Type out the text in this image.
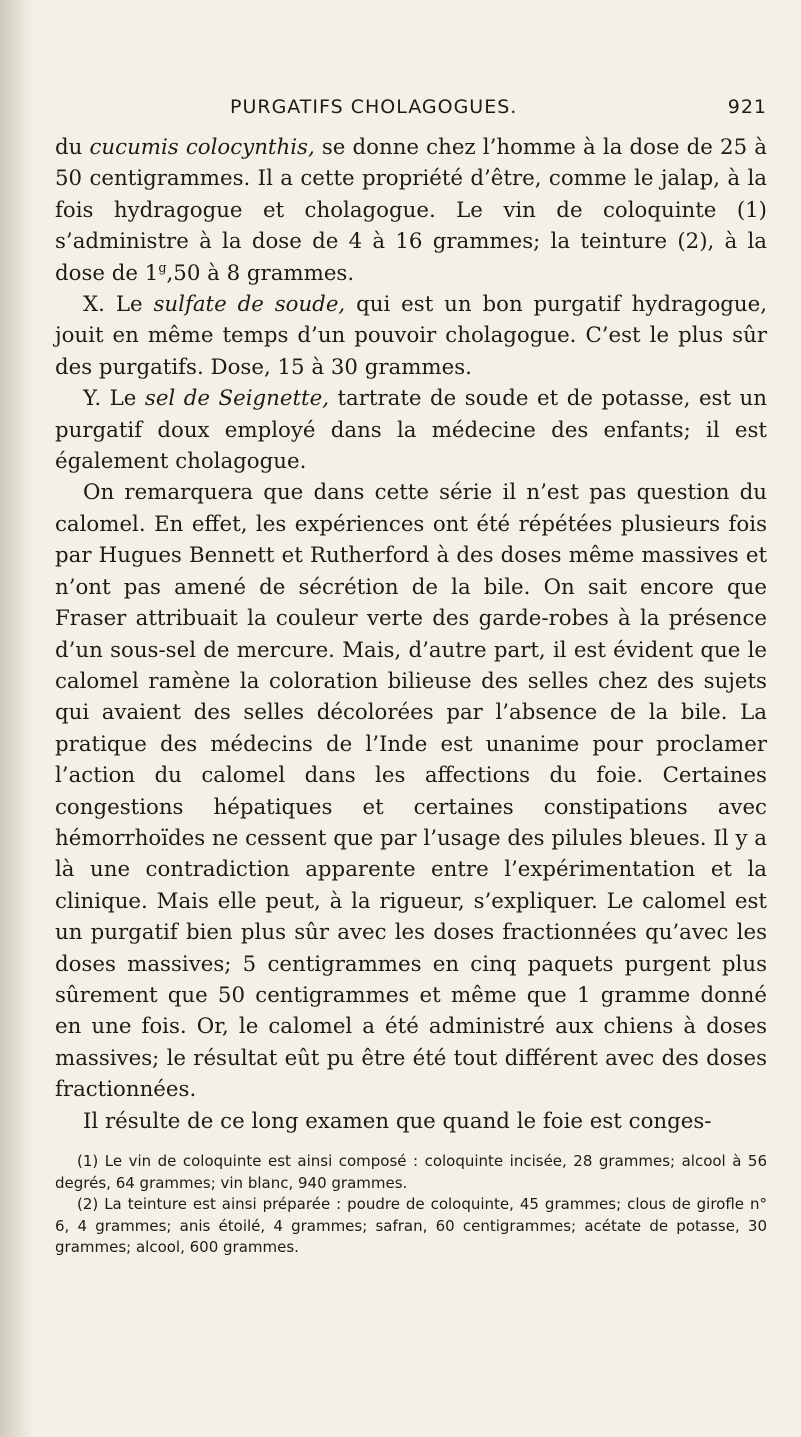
PURGATIFS CHOLAGOGUES.	921

du cucumis colocynthis, se donne chez l’homme à la dose de 25 à 50 centigrammes. Il a cette propriété d’être, comme le jalap, à la fois hydragogue et cholagogue. Le vin de coloquinte (1) s’administre à la dose de 4 à 16 grammes; la teinture (2), à la dose de 1$^g$,50 à 8 grammes.

X. Le sulfate de soude, qui est un bon purgatif hydragogue, jouit en même temps d’un pouvoir cholagogue. C’est le plus sûr des purgatifs. Dose, 15 à 30 grammes.

Y. Le sel de Seignette, tartrate de soude et de potasse, est un purgatif doux employé dans la médecine des enfants; il est également cholagogue.

On remarquera que dans cette série il n’est pas question du calomel. En effet, les expériences ont été répétées plusieurs fois par Hugues Bennett et Rutherford à des doses même massives et n’ont pas amené de sécrétion de la bile. On sait encore que Fraser attribuait la couleur verte des garde-robes à la présence d’un sous-sel de mercure. Mais, d’autre part, il est évident que le calomel ramène la coloration bilieuse des selles chez des sujets qui avaient des selles décolorées par l’absence de la bile. La pratique des médecins de l’Inde est unanime pour proclamer l’action du calomel dans les affections du foie. Certaines congestions hépatiques et certaines constipations avec hémorrhoïdes ne cessent que par l’usage des pilules bleues. Il y a là une contradiction apparente entre l’expérimentation et la clinique. Mais elle peut, à la rigueur, s’expliquer. Le calomel est un purgatif bien plus sûr avec les doses fractionnées qu’avec les doses massives; 5 centigrammes en cinq paquets purgent plus sûrement que 50 centigrammes et même que 1 gramme donné en une fois. Or, le calomel a été administré aux chiens à doses massives; le résultat eût pu être été tout différent avec des doses fractionnées.

Il résulte de ce long examen que quand le foie est conges-

(1) Le vin de coloquinte est ainsi composé : coloquinte incisée, 28 grammes; alcool à 56 degrés, 64 grammes; vin blanc, 940 grammes.

(2) La teinture est ainsi préparée : poudre de coloquinte, 45 grammes; clous de girofle n° 6, 4 grammes; anis étoilé, 4 grammes; safran, 60 centigrammes; acétate de potasse, 30 grammes; alcool, 600 grammes.
